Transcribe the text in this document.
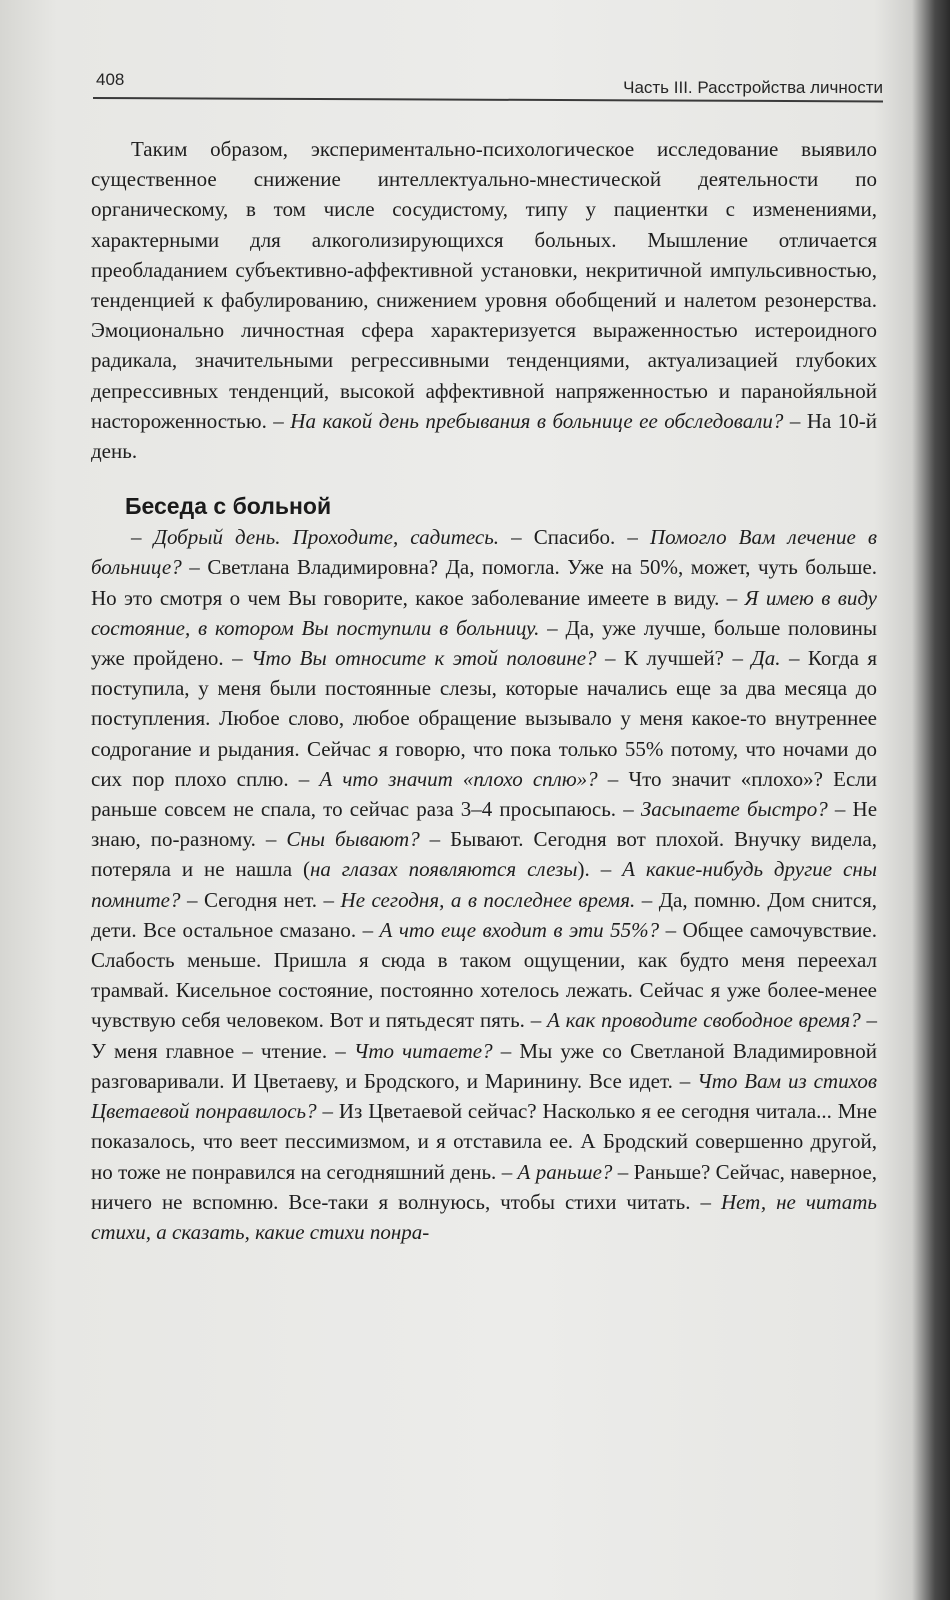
408	Часть III. Расстройства личности

Таким образом, экспериментально-психологическое исследование выявило существенное снижение интеллектуально-мнестической деятельности по органическому, в том числе сосудистому, типу у пациентки с изменениями, характерными для алкоголизирующихся больных. Мышление отличается преобладанием субъективно-аффективной установки, некритичной импульсивностью, тенденцией к фабулированию, снижением уровня обобщений и налетом резонерства. Эмоционально личностная сфера характеризуется выраженностью истероидного радикала, значительными регрессивными тенденциями, актуализацией глубоких депрессивных тенденций, высокой аффективной напряженностью и паранойяльной настороженностью. – На какой день пребывания в больнице ее обследовали? – На 10-й день.

Беседа с больной

– Добрый день. Проходите, садитесь. – Спасибо. – Помогло Вам лечение в больнице? – Светлана Владимировна? Да, помогла. Уже на 50%, может, чуть больше. Но это смотря о чем Вы говорите, какое заболевание имеете в виду. – Я имею в виду состояние, в котором Вы поступили в больницу. – Да, уже лучше, больше половины уже пройдено. – Что Вы относите к этой половине? – К лучшей? – Да. – Когда я поступила, у меня были постоянные слезы, которые начались еще за два месяца до поступления. Любое слово, любое обращение вызывало у меня какое-то внутреннее содрогание и рыдания. Сейчас я говорю, что пока только 55% потому, что ночами до сих пор плохо сплю. – А что значит «плохо сплю»? – Что значит «плохо»? Если раньше совсем не спала, то сейчас раза 3–4 просыпаюсь. – Засыпаете быстро? – Не знаю, по-разному. – Сны бывают? – Бывают. Сегодня вот плохой. Внучку видела, потеряла и не нашла (на глазах появляются слезы). – А какие-нибудь другие сны помните? – Сегодня нет. – Не сегодня, а в последнее время. – Да, помню. Дом снится, дети. Все остальное смазано. – А что еще входит в эти 55%? – Общее самочувствие. Слабость меньше. Пришла я сюда в таком ощущении, как будто меня переехал трамвай. Кисельное состояние, постоянно хотелось лежать. Сейчас я уже более-менее чувствую себя человеком. Вот и пятьдесят пять. – А как проводите свободное время? – У меня главное – чтение. – Что читаете? – Мы уже со Светланой Владимировной разговаривали. И Цветаеву, и Бродского, и Маринину. Все идет. – Что Вам из стихов Цветаевой понравилось? – Из Цветаевой сейчас? Насколько я ее сегодня читала... Мне показалось, что веет пессимизмом, и я отставила ее. А Бродский совершенно другой, но тоже не понравился на сегодняшний день. – А раньше? – Раньше? Сейчас, наверное, ничего не вспомню. Все-таки я волнуюсь, чтобы стихи читать. – Нет, не читать стихи, а сказать, какие стихи понра-
